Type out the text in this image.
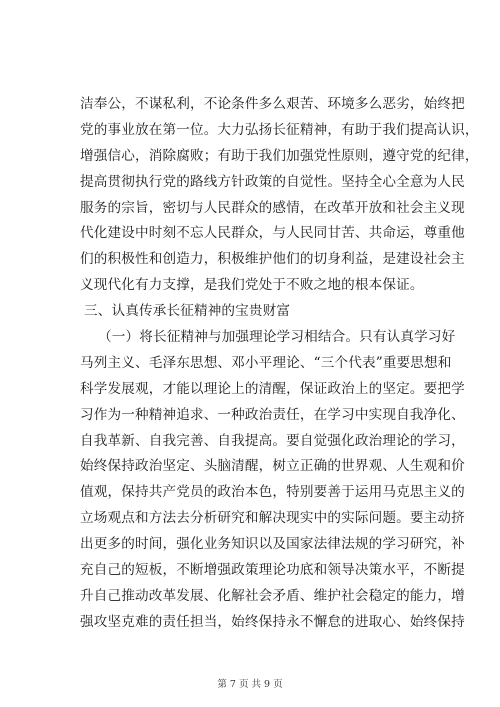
洁奉公，不谋私利，不论条件多么艰苦、环境多么恶劣，始终把
党的事业放在第一位。大力弘扬长征精神，有助于我们提高认识，
增强信心，消除腐败；有助于我们加强党性原则，遵守党的纪律，
提高贯彻执行党的路线方针政策的自觉性。坚持全心全意为人民
服务的宗旨，密切与人民群众的感情，在改革开放和社会主义现
代化建设中时刻不忘人民群众，与人民同甘苦、共命运，尊重他
们的积极性和创造力，积极维护他们的切身利益，是建设社会主
义现代化有力支撑，是我们党处于不败之地的根本保证。
三、认真传承长征精神的宝贵财富
（一）将长征精神与加强理论学习相结合。只有认真学习好
马列主义、毛泽东思想、邓小平理论、“三个代表”重要思想和
科学发展观，才能以理论上的清醒，保证政治上的坚定。要把学
习作为一种精神追求、一种政治责任，在学习中实现自我净化、
自我革新、自我完善、自我提高。要自觉强化政治理论的学习，
始终保持政治坚定、头脑清醒，树立正确的世界观、人生观和价
值观，保持共产党员的政治本色，特别要善于运用马克思主义的
立场观点和方法去分析研究和解决现实中的实际问题。要主动挤
出更多的时间，强化业务知识以及国家法律法规的学习研究，补
充自己的短板，不断增强政策理论功底和领导决策水平，不断提
升自己推动改革发展、化解社会矛盾、维护社会稳定的能力，增
强攻坚克难的责任担当，始终保持永不懈怠的进取心、始终保持
第 7 页 共 9 页
